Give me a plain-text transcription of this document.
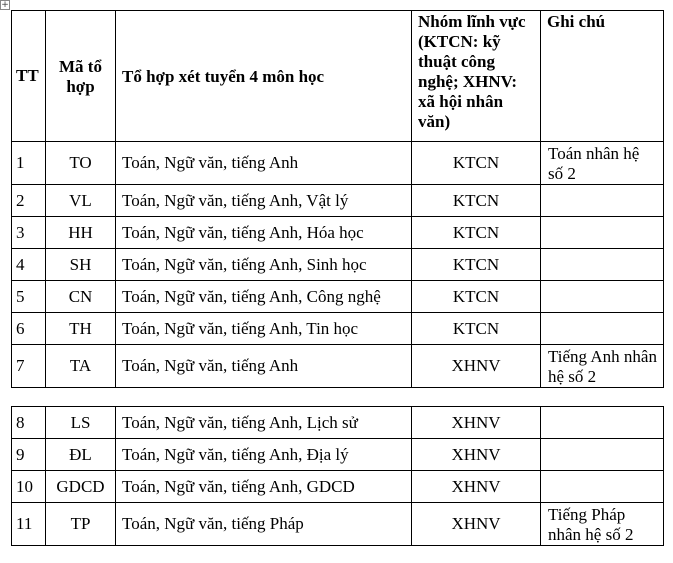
+
TT	Mã tổ hợp	Tổ hợp xét tuyển 4 môn học	Nhóm lĩnh vực (KTCN: kỹ thuật công nghệ; XHNV: xã hội nhân văn)	Ghi chú
1	TO	Toán, Ngữ văn, tiếng Anh	KTCN	Toán nhân hệ số 2
2	VL	Toán, Ngữ văn, tiếng Anh, Vật lý	KTCN	
3	HH	Toán, Ngữ văn, tiếng Anh, Hóa học	KTCN	
4	SH	Toán, Ngữ văn, tiếng Anh, Sinh học	KTCN	
5	CN	Toán, Ngữ văn, tiếng Anh, Công nghệ	KTCN	
6	TH	Toán, Ngữ văn, tiếng Anh, Tin học	KTCN	
7	TA	Toán, Ngữ văn, tiếng Anh	XHNV	Tiếng Anh nhân hệ số 2
8	LS	Toán, Ngữ văn, tiếng Anh, Lịch sử	XHNV	
9	ĐL	Toán, Ngữ văn, tiếng Anh, Địa lý	XHNV	
10	GDCD	Toán, Ngữ văn, tiếng Anh, GDCD	XHNV	
11	TP	Toán, Ngữ văn, tiếng Pháp	XHNV	Tiếng Pháp nhân hệ số 2
